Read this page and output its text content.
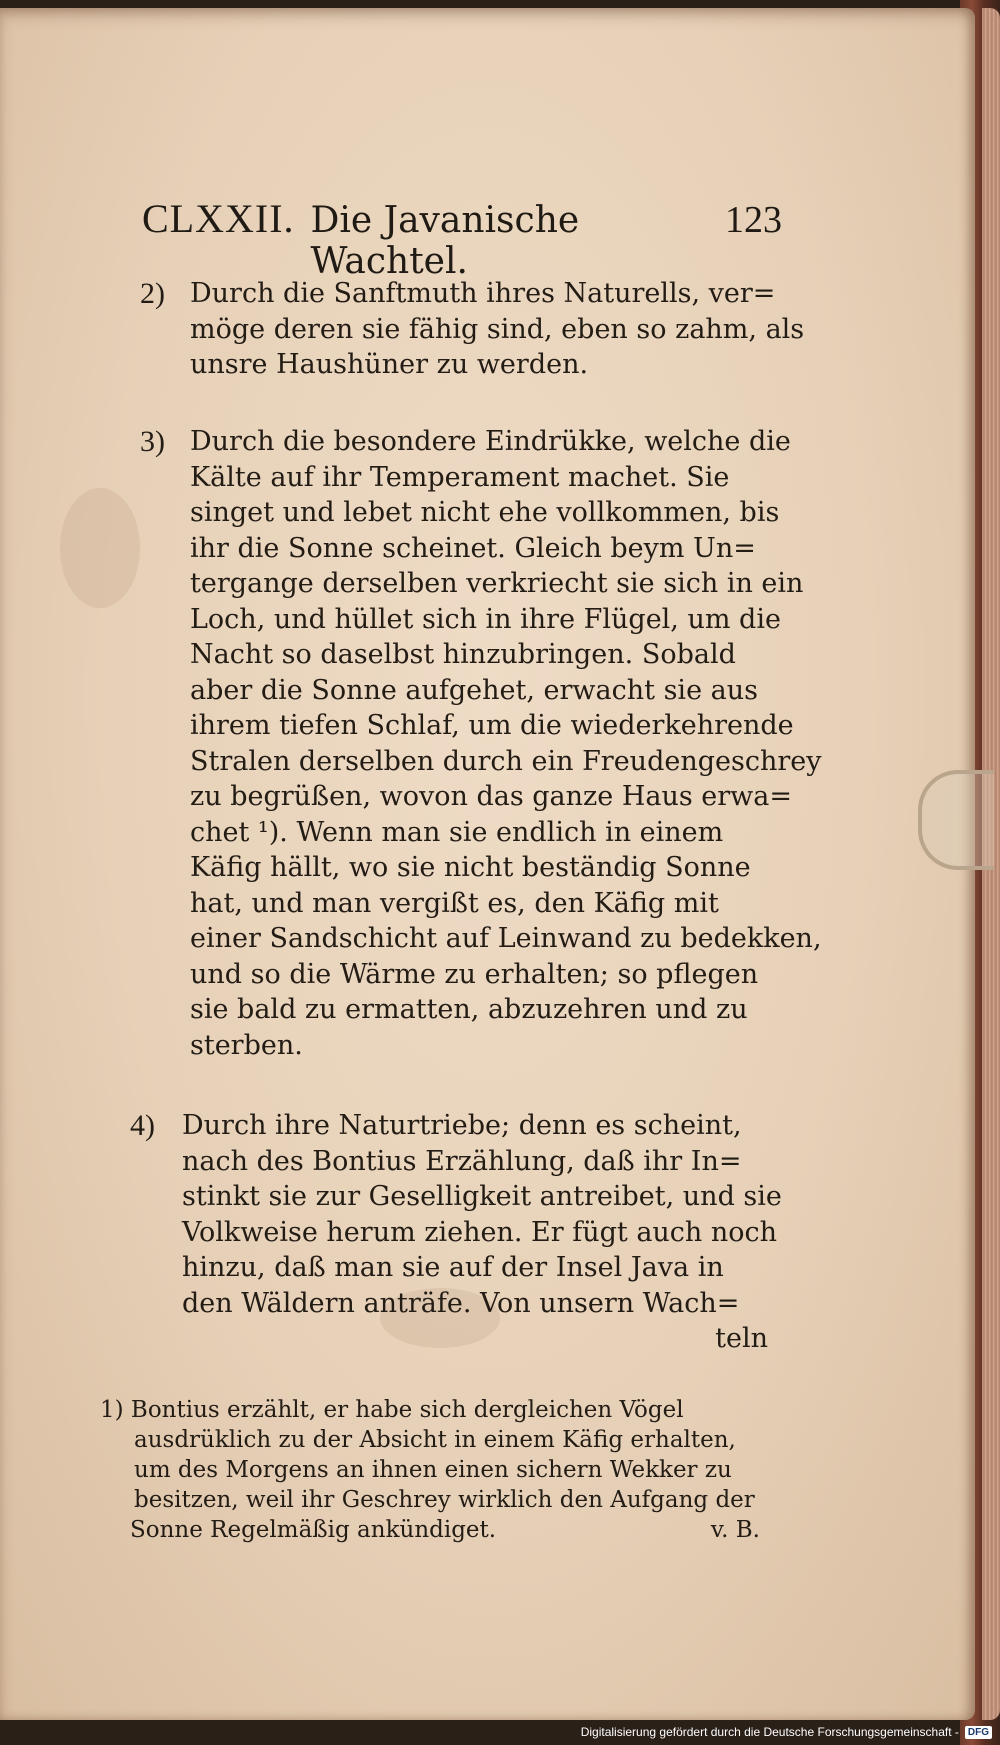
CLXXII. Die Javanische Wachtel.
123
2) Durch die Sanftmuth ihres Naturells, ver=
möge deren sie fähig sind, eben so zahm, als
unsre Haushüner zu werden.
3) Durch die besondere Eindrükke, welche die
Kälte auf ihr Temperament machet. Sie
singet und lebet nicht ehe vollkommen, bis
ihr die Sonne scheinet. Gleich beym Un=
tergange derselben verkriecht sie sich in ein
Loch, und hüllet sich in ihre Flügel, um die
Nacht so daselbst hinzubringen. Sobald
aber die Sonne aufgehet, erwacht sie aus
ihrem tiefen Schlaf, um die wiederkehrende
Stralen derselben durch ein Freudengeschrey
zu begrüßen, wovon das ganze Haus erwa=
chet ¹). Wenn man sie endlich in einem
Käfig hällt, wo sie nicht beständig Sonne
hat, und man vergißt es, den Käfig mit
einer Sandschicht auf Leinwand zu bedekken,
und so die Wärme zu erhalten; so pflegen
sie bald zu ermatten, abzuzehren und zu
sterben.
4) Durch ihre Naturtriebe; denn es scheint,
nach des Bontius Erzählung, daß ihr In=
stinkt sie zur Geselligkeit antreibet, und sie
Volkweise herum ziehen. Er fügt auch noch
hinzu, daß man sie auf der Insel Java in
den Wäldern anträfe. Von unsern Wach=
teln
1) Bontius erzählt, er habe sich dergleichen Vögel
ausdrüklich zu der Absicht in einem Käfig erhalten,
um des Morgens an ihnen einen sichern Wekker zu
besitzen, weil ihr Geschrey wirklich den Aufgang der
Sonne Regelmäßig ankündiget.	v. B.
Digitalisierung gefördert durch die Deutsche Forschungsgemeinschaft - DFG
